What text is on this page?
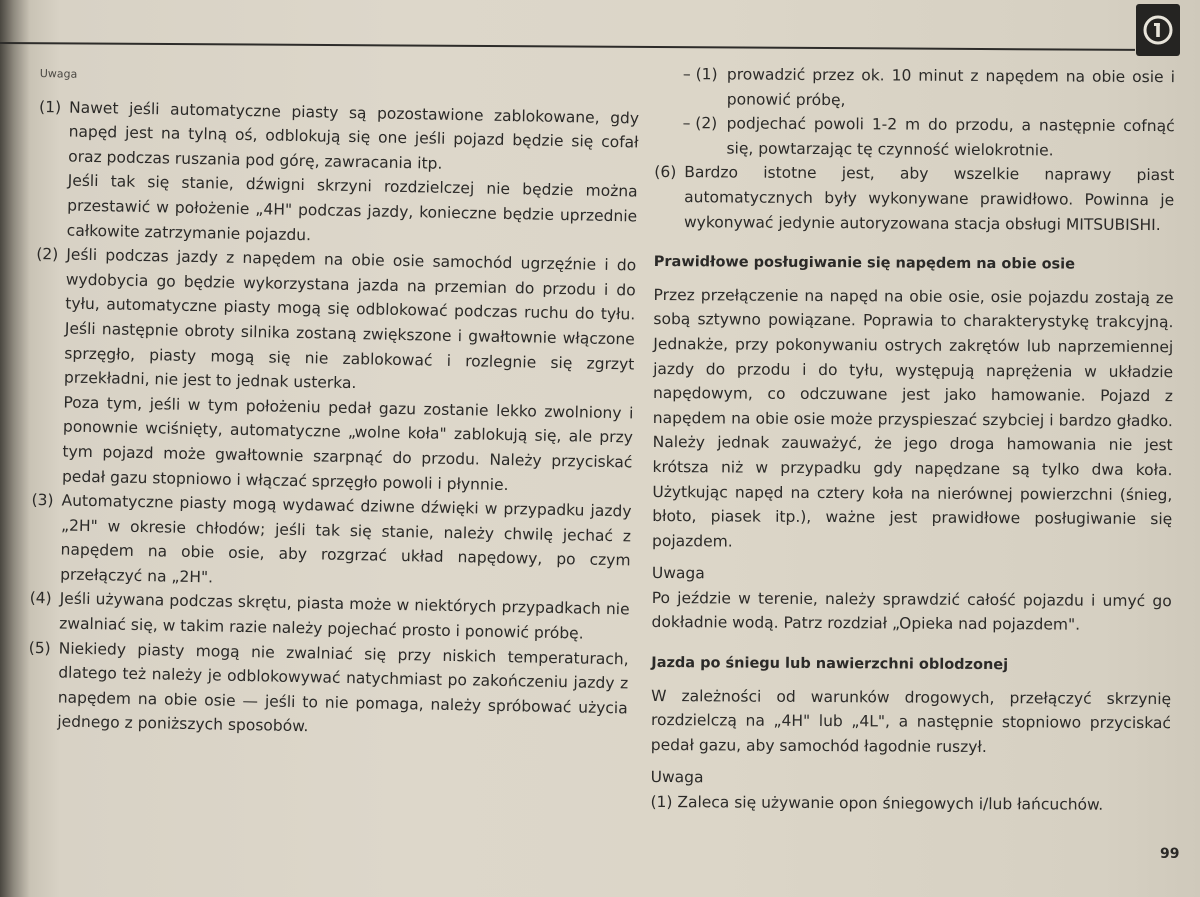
Uwaga
(1) Nawet jeśli automatyczne piasty są pozostawione zablokowane, gdy napęd jest na tylną oś, odblokują się one jeśli pojazd będzie się cofał oraz podczas ruszania pod górę, zawracania itp.

Jeśli tak się stanie, dźwigni skrzyni rozdzielczej nie będzie można przestawić w położenie „4H" podczas jazdy, konieczne będzie uprzednie całkowite zatrzymanie pojazdu.

(2) Jeśli podczas jazdy z napędem na obie osie samochód ugrzęźnie i do wydobycia go będzie wykorzystana jazda na przemian do przodu i do tyłu, automatyczne piasty mogą się odblokować podczas ruchu do tyłu. Jeśli następnie obroty silnika zostaną zwiększone i gwałtownie włączone sprzęgło, piasty mogą się nie zablokować i rozlegnie się zgrzyt przekładni, nie jest to jednak usterka.

Poza tym, jeśli w tym położeniu pedał gazu zostanie lekko zwolniony i ponownie wciśnięty, automatyczne „wolne koła" zablokują się, ale przy tym pojazd może gwałtownie szarpnąć do przodu. Należy przyciskać pedał gazu stopniowo i włączać sprzęgło powoli i płynnie.

(3) Automatyczne piasty mogą wydawać dziwne dźwięki w przypadku jazdy „2H" w okresie chłodów; jeśli tak się stanie, należy chwilę jechać z napędem na obie osie, aby rozgrzać układ napędowy, po czym przełączyć na „2H".

(4) Jeśli używana podczas skrętu, piasta może w niektórych przypadkach nie zwalniać się, w takim razie należy pojechać prosto i ponowić próbę.

(5) Niekiedy piasty mogą nie zwalniać się przy niskich temperaturach, dlatego też należy je odblokowywać natychmiast po zakończeniu jazdy z napędem na obie osie — jeśli to nie pomaga, należy spróbować użycia jednego z poniższych sposobów.

– (1) prowadzić przez ok. 10 minut z napędem na obie osie i ponowić próbę,

– (2) podjechać powoli 1-2 m do przodu, a następnie cofnąć się, powtarzając tę czynność wielokrotnie.

(6) Bardzo istotne jest, aby wszelkie naprawy piast automatycznych były wykonywane prawidłowo. Powinna je wykonywać jedynie autoryzowana stacja obsługi MITSUBISHI.

Prawidłowe posługiwanie się napędem na obie osie

Przez przełączenie na napęd na obie osie, osie pojazdu zostają ze sobą sztywno powiązane. Poprawia to charakterystykę trakcyjną. Jednakże, przy pokonywaniu ostrych zakrętów lub naprzemiennej jazdy do przodu i do tyłu, występują naprężenia w układzie napędowym, co odczuwane jest jako hamowanie. Pojazd z napędem na obie osie może przyspieszać szybciej i bardzo gładko. Należy jednak zauważyć, że jego droga hamowania nie jest krótsza niż w przypadku gdy napędzane są tylko dwa koła. Użytkując napęd na cztery koła na nierównej powierzchni (śnieg, błoto, piasek itp.), ważne jest prawidłowe posługiwanie się pojazdem.

Uwaga

Po jeździe w terenie, należy sprawdzić całość pojazdu i umyć go dokładnie wodą. Patrz rozdział „Opieka nad pojazdem".

Jazda po śniegu lub nawierzchni oblodzonej

W zależności od warunków drogowych, przełączyć skrzynię rozdzielczą na „4H" lub „4L", a następnie stopniowo przyciskać pedał gazu, aby samochód łagodnie ruszył.

Uwaga

(1) Zaleca się używanie opon śniegowych i/lub łańcuchów.

99
